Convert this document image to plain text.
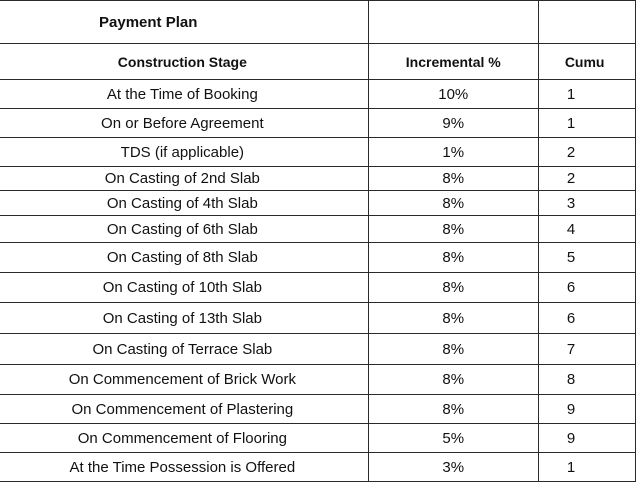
Payment Plan		
Construction Stage	Incremental %	Cumu
At the Time of Booking	10%	1
On or Before Agreement	9%	1
TDS (if applicable)	1%	2
On Casting of 2nd Slab	8%	2
On Casting of 4th Slab	8%	3
On Casting of 6th Slab	8%	4
On Casting of 8th Slab	8%	5
On Casting of 10th Slab	8%	6
On Casting of 13th Slab	8%	6
On Casting of Terrace Slab	8%	7
On Commencement of Brick Work	8%	8
On Commencement of Plastering	8%	9
On Commencement of Flooring	5%	9
At the Time Possession is Offered	3%	1
